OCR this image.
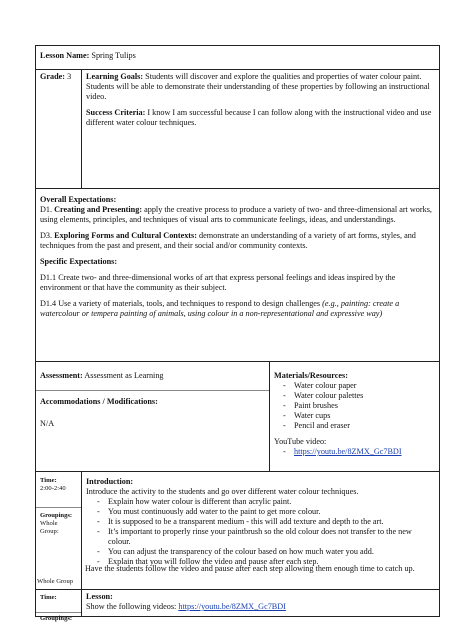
Lesson Name: Spring Tulips
Grade: 3	Learning Goals: Students will discover and explore the qualities and properties of water colour paint. Students will be able to demonstrate their understanding of these properties by following an instructional video.

Success Criteria: I know I am successful because I can follow along with the instructional video and use different water colour techniques.

Overall Expectations:

D1. Creating and Presenting: apply the creative process to produce a variety of two- and three-dimensional art works, using elements, principles, and techniques of visual arts to communicate feelings, ideas, and understandings.

D3. Exploring Forms and Cultural Contexts: demonstrate an understanding of a variety of art forms, styles, and techniques from the past and present, and their social and/or community contexts.

Specific Expectations:

D1.1 Create two- and three-dimensional works of art that express personal feelings and ideas inspired by the environment or that have the community as their subject.

D1.4 Use a variety of materials, tools, and techniques to respond to design challenges (e.g., painting: create a watercolour or tempera painting of animals, using colour in a non-representational and expressive way)

Assessment: Assessment as Learning

Accommodations / Modifications:

N/A

Materials/Resources:

- Water colour paper
- Water colour palettes
- Paint brushes
- Water cups
- Pencil and eraser

YouTube video:

- https://youtu.be/8ZMX_Gc7BDI

Time:

2:00-2:40

Groupings:

Whole Group:

Introduction:

Introduce the activity to the students and go over different water colour techniques.

- Explain how water colour is different than acrylic paint.
- You must continuously add water to the paint to get more colour.
- It is supposed to be a transparent medium - this will add texture and depth to the art.
- It’s important to properly rinse your paintbrush so the old colour does not transfer to the new colour.
- You can adjust the transparency of the colour based on how much water you add.
- Explain that you will follow the video and pause after each step.

Time:

Groupings:

Lesson:

Show the following videos: https://youtu.be/8ZMX_Gc7BDI

Whole Group
Have the students follow the video and pause after each step allowing them enough time to catch up.
